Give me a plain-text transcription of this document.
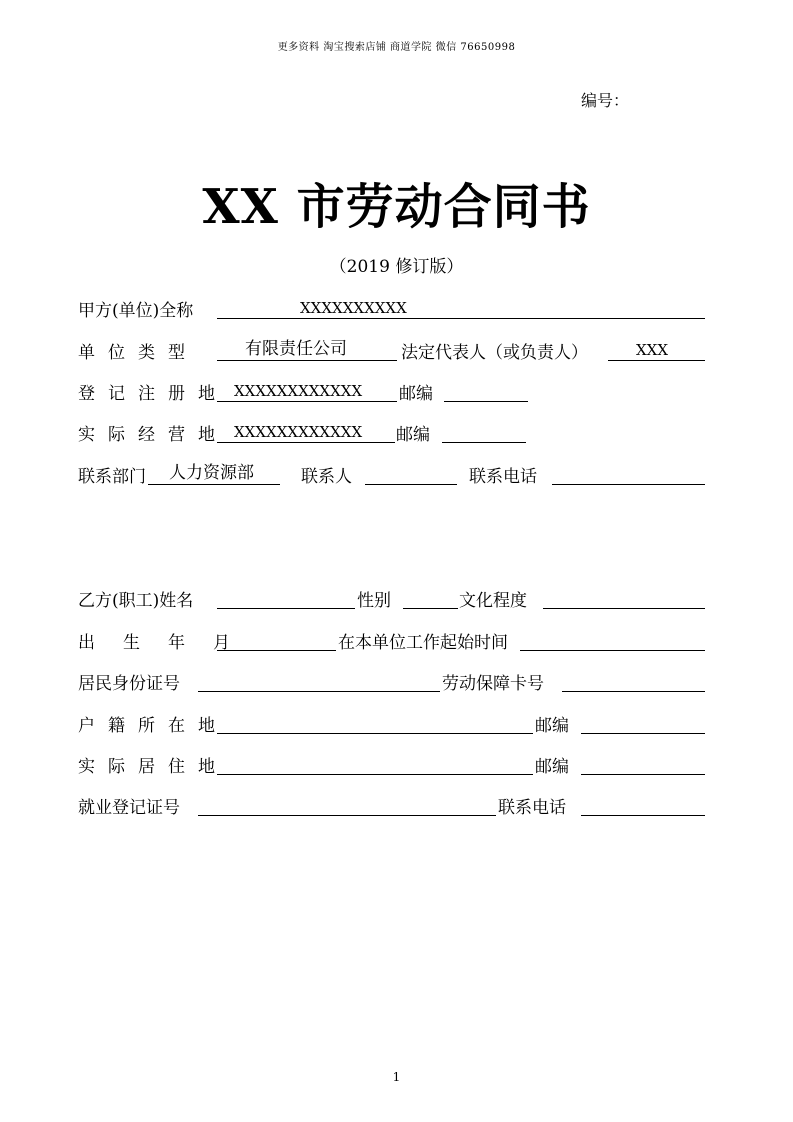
更多资料 淘宝搜索店铺 商道学院 微信 76650998
编号：
XX 市劳动合同书
（2019 修订版）
甲方(单位)全称	XXXXXXXXXX
单位类型	有限责任公司	法定代表人（或负责人）	XXX
登记注册地 XXXXXXXXXXXX 邮编
实际经营地 XXXXXXXXXXXX 邮编
联系部门 人力资源部	联系人	联系电话
乙方(职工)姓名	性别	文化程度
出生年月	在本单位工作起始时间
居民身份证号	劳动保障卡号
户籍所在地	邮编
实际居住地	邮编
就业登记证号	联系电话
1
